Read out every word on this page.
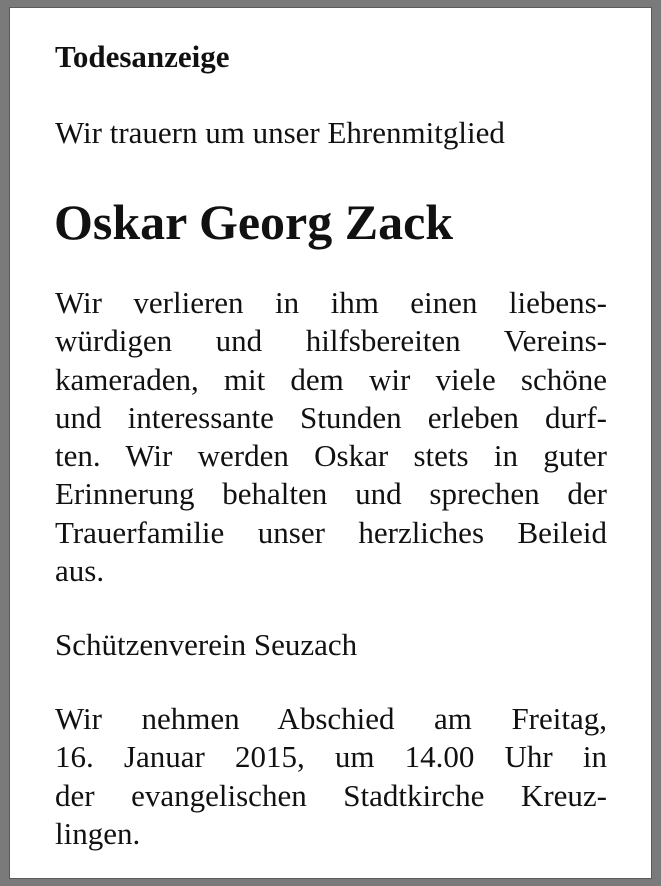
Todesanzeige
Wir trauern um unser Ehrenmitglied
Oskar Georg Zack
Wir verlieren in ihm einen liebens-
würdigen und hilfsbereiten Vereins-
kameraden, mit dem wir viele schöne
und interessante Stunden erleben durf-
ten. Wir werden Oskar stets in guter
Erinnerung behalten und sprechen der
Trauerfamilie unser herzliches Beileid
aus.
Schützenverein Seuzach
Wir nehmen Abschied am Freitag,
16. Januar 2015, um 14.00 Uhr in
der evangelischen Stadtkirche Kreuz-
lingen.
